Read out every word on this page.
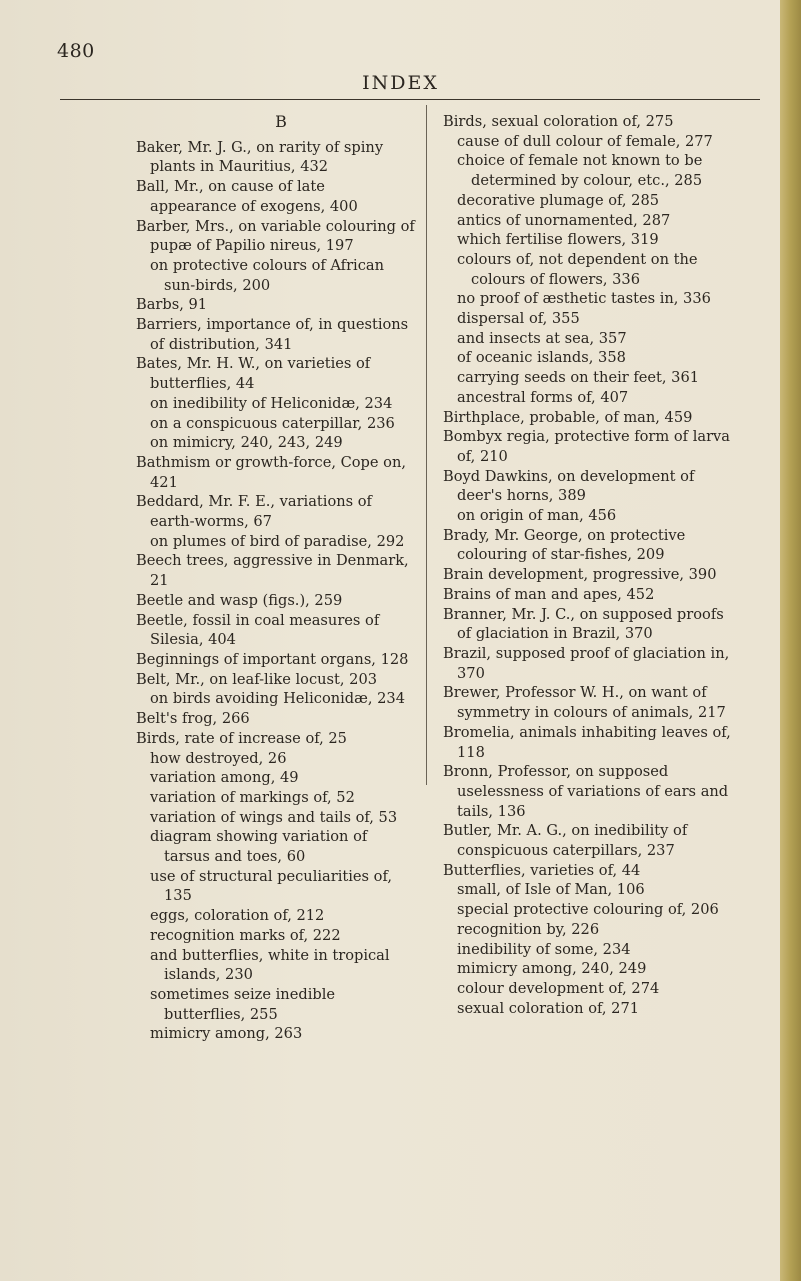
480
INDEX
B

Baker, Mr. J. G., on rarity of spiny plants in Mauritius, 432

Ball, Mr., on cause of late appearance of exogens, 400

Barber, Mrs., on variable colouring of pupæ of Papilio nireus, 197

on protective colours of African sun-birds, 200

Barbs, 91

Barriers, importance of, in questions of distribution, 341

Bates, Mr. H. W., on varieties of butterflies, 44

on inedibility of Heliconidæ, 234

on a conspicuous caterpillar, 236

on mimicry, 240, 243, 249

Bathmism or growth-force, Cope on, 421

Beddard, Mr. F. E., variations of earth-worms, 67

on plumes of bird of paradise, 292

Beech trees, aggressive in Denmark, 21

Beetle and wasp (figs.), 259

Beetle, fossil in coal measures of Silesia, 404

Beginnings of important organs, 128

Belt, Mr., on leaf-like locust, 203

on birds avoiding Heliconidæ, 234

Belt's frog, 266

Birds, rate of increase of, 25

how destroyed, 26

variation among, 49

variation of markings of, 52

variation of wings and tails of, 53

diagram showing variation of tarsus and toes, 60

use of structural peculiarities of, 135

eggs, coloration of, 212

recognition marks of, 222

and butterflies, white in tropical islands, 230

sometimes seize inedible butterflies, 255

mimicry among, 263

Birds, sexual coloration of, 275

cause of dull colour of female, 277

choice of female not known to be determined by colour, etc., 285

decorative plumage of, 285

antics of unornamented, 287

which fertilise flowers, 319

colours of, not dependent on the colours of flowers, 336

no proof of æsthetic tastes in, 336

dispersal of, 355

and insects at sea, 357

of oceanic islands, 358

carrying seeds on their feet, 361

ancestral forms of, 407

Birthplace, probable, of man, 459

Bombyx regia, protective form of larva of, 210

Boyd Dawkins, on development of deer's horns, 389

on origin of man, 456

Brady, Mr. George, on protective colouring of star-fishes, 209

Brain development, progressive, 390

Brains of man and apes, 452

Branner, Mr. J. C., on supposed proofs of glaciation in Brazil, 370

Brazil, supposed proof of glaciation in, 370

Brewer, Professor W. H., on want of symmetry in colours of animals, 217

Bromelia, animals inhabiting leaves of, 118

Bronn, Professor, on supposed uselessness of variations of ears and tails, 136

Butler, Mr. A. G., on inedibility of conspicuous caterpillars, 237

Butterflies, varieties of, 44

small, of Isle of Man, 106

special protective colouring of, 206

recognition by, 226

inedibility of some, 234

mimicry among, 240, 249

colour development of, 274

sexual coloration of, 271
